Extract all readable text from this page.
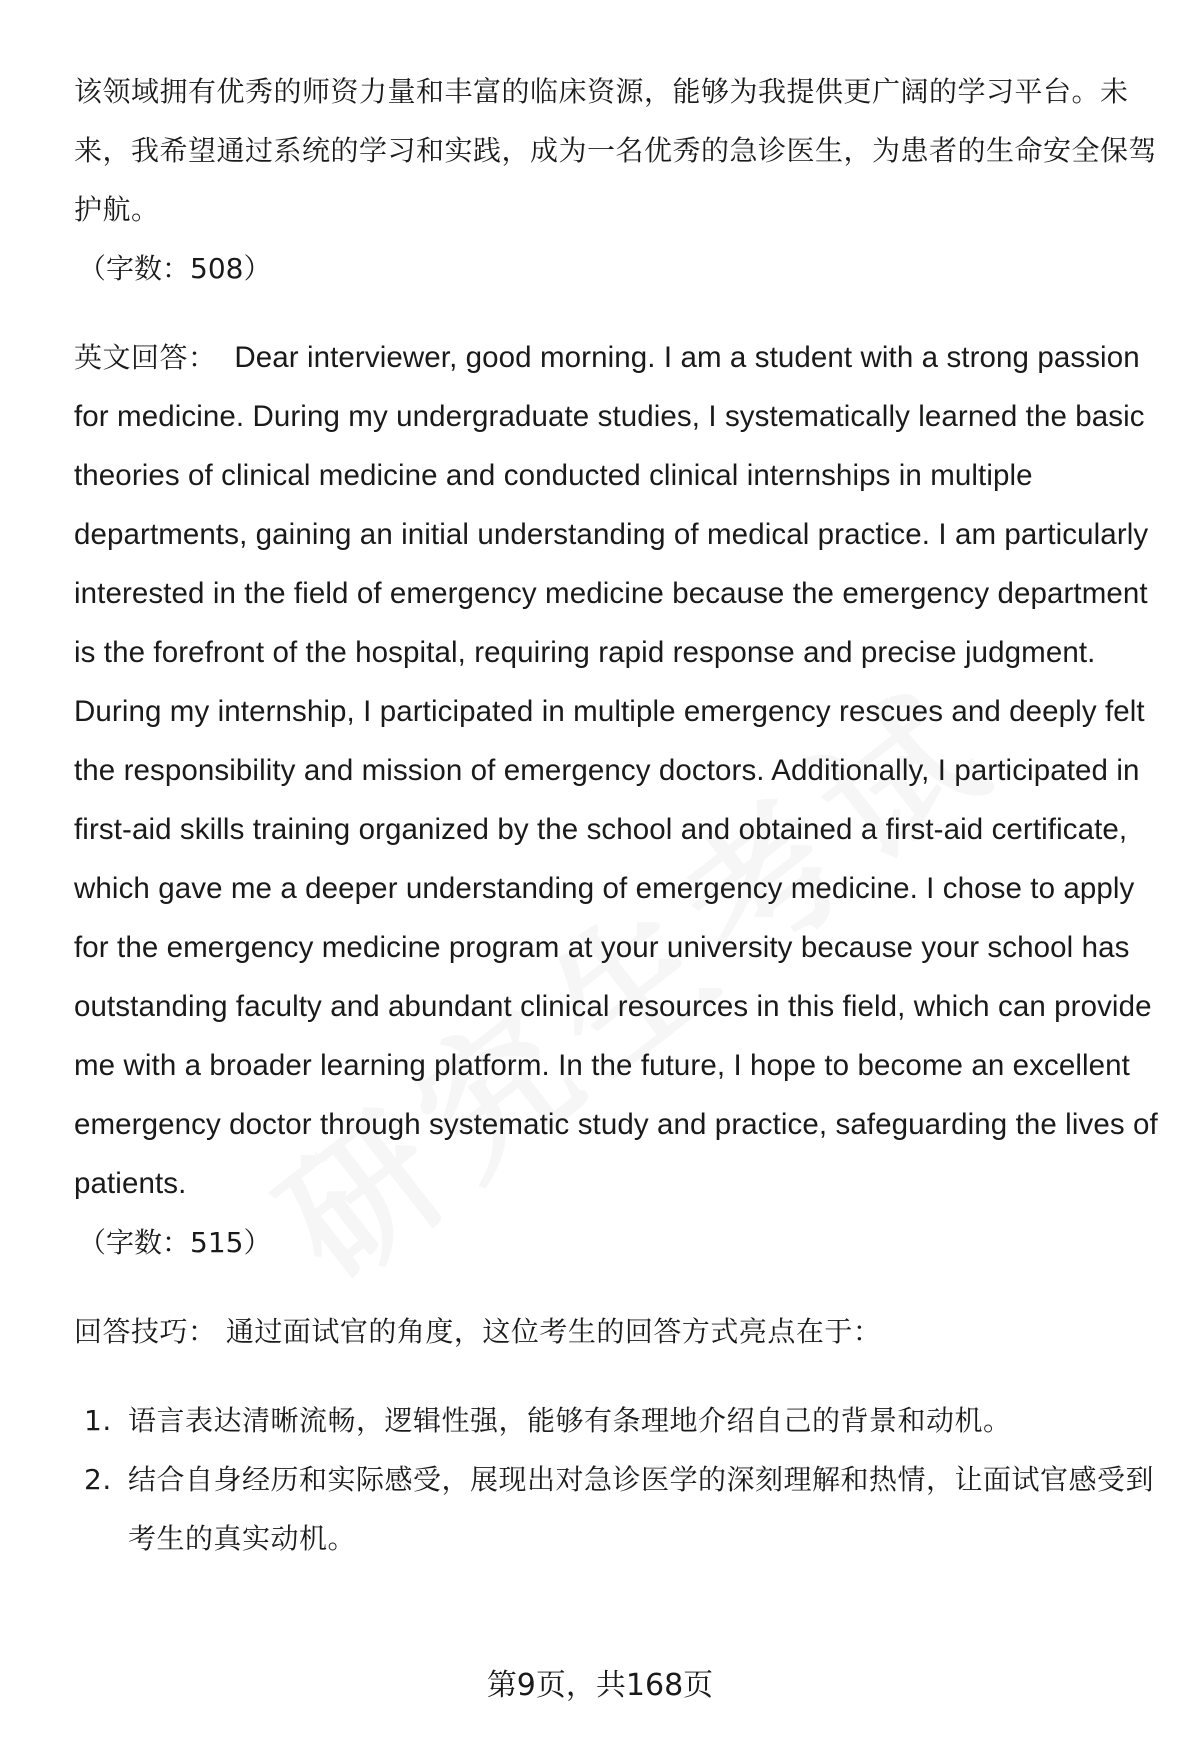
该领域拥有优秀的师资力量和丰富的临床资源，能够为我提供更广阔的学习平台。未来，我希望通过系统的学习和实践，成为一名优秀的急诊医生，为患者的生命安全保驾护航。

（字数：508）

英文回答： Dear interviewer, good morning. I am a student with a strong passion for medicine. During my undergraduate studies, I systematically learned the basic theories of clinical medicine and conducted clinical internships in multiple departments, gaining an initial understanding of medical practice. I am particularly interested in the field of emergency medicine because the emergency department is the forefront of the hospital, requiring rapid response and precise judgment. During my internship, I participated in multiple emergency rescues and deeply felt the responsibility and mission of emergency doctors. Additionally, I participated in first-aid skills training organized by the school and obtained a first-aid certificate, which gave me a deeper understanding of emergency medicine. I chose to apply for the emergency medicine program at your university because your school has outstanding faculty and abundant clinical resources in this field, which can provide me with a broader learning platform. In the future, I hope to become an excellent emergency doctor through systematic study and practice, safeguarding the lives of patients.

（字数：515）

回答技巧： 通过面试官的角度，这位考生的回答方式亮点在于：

1. 语言表达清晰流畅，逻辑性强，能够有条理地介绍自己的背景和动机。
2. 结合自身经历和实际感受，展现出对急诊医学的深刻理解和热情，让面试官感受到考生的真实动机。
第9页，共168页
